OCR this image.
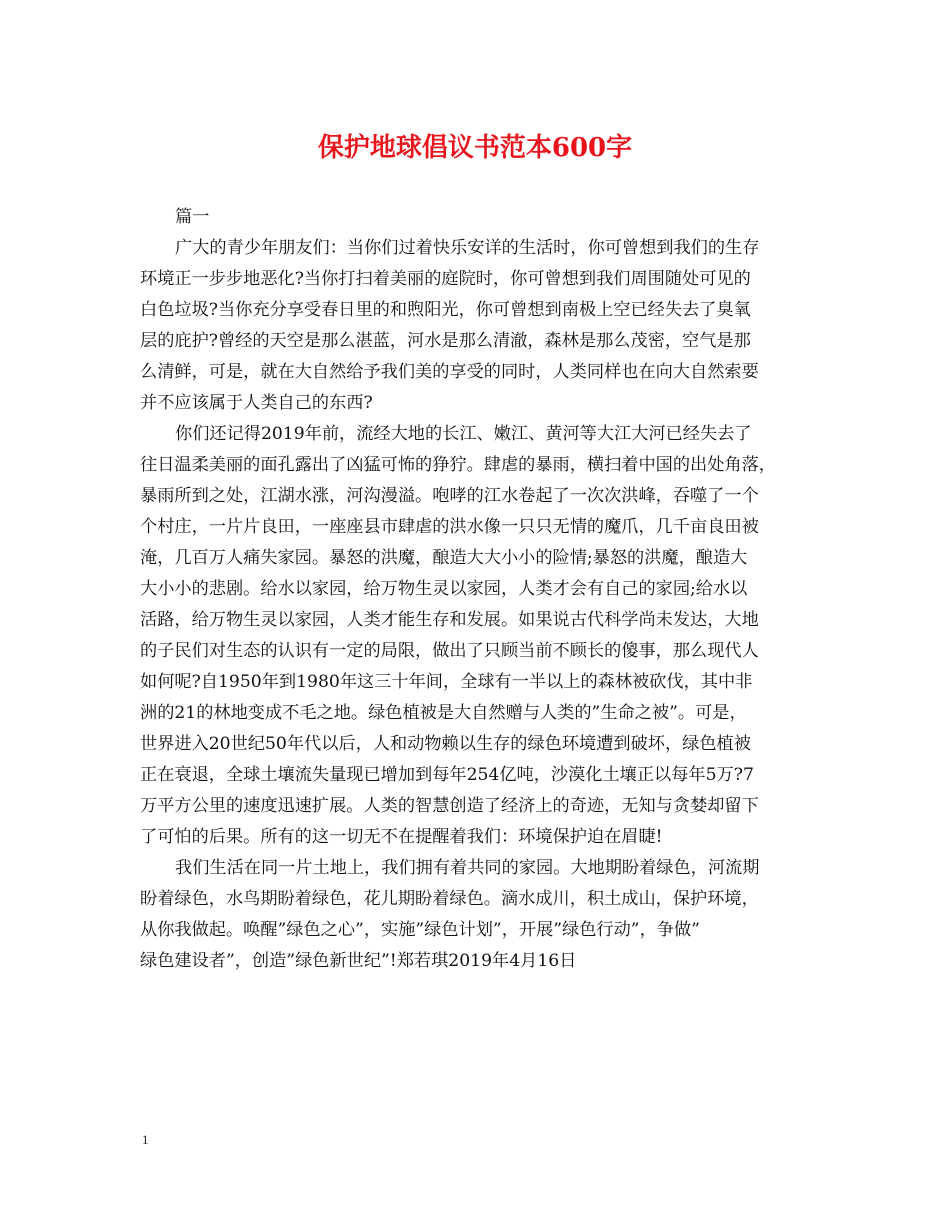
保护地球倡议书范本600字
篇一
广大的青少年朋友们：当你们过着快乐安详的生活时，你可曾想到我们的生存
环境正一步步地恶化?当你打扫着美丽的庭院时，你可曾想到我们周围随处可见的
白色垃圾?当你充分享受春日里的和煦阳光，你可曾想到南极上空已经失去了臭氧
层的庇护?曾经的天空是那么湛蓝，河水是那么清澈，森林是那么茂密，空气是那
么清鲜，可是，就在大自然给予我们美的享受的同时，人类同样也在向大自然索要
并不应该属于人类自己的东西?
你们还记得2019年前，流经大地的长江、嫩江、黄河等大江大河已经失去了
往日温柔美丽的面孔露出了凶猛可怖的狰狞。肆虐的暴雨，横扫着中国的出处角落，
暴雨所到之处，江湖水涨，河沟漫溢。咆哮的江水卷起了一次次洪峰，吞噬了一个
个村庄，一片片良田，一座座县市肆虐的洪水像一只只无情的魔爪，几千亩良田被
淹，几百万人痛失家园。暴怒的洪魔，酿造大大小小的险情;暴怒的洪魔，酿造大
大小小的悲剧。给水以家园，给万物生灵以家园，人类才会有自己的家园;给水以
活路，给万物生灵以家园，人类才能生存和发展。如果说古代科学尚未发达，大地
的子民们对生态的认识有一定的局限，做出了只顾当前不顾长的傻事，那么现代人
如何呢?自1950年到1980年这三十年间，全球有一半以上的森林被砍伐，其中非
洲的21的林地变成不毛之地。绿色植被是大自然赠与人类的”生命之被”。可是，
世界进入20世纪50年代以后，人和动物赖以生存的绿色环境遭到破坏，绿色植被
正在衰退，全球土壤流失量现已增加到每年254亿吨，沙漠化土壤正以每年5万?7
万平方公里的速度迅速扩展。人类的智慧创造了经济上的奇迹，无知与贪婪却留下
了可怕的后果。所有的这一切无不在提醒着我们：环境保护迫在眉睫!
我们生活在同一片土地上，我们拥有着共同的家园。大地期盼着绿色，河流期
盼着绿色，水鸟期盼着绿色，花儿期盼着绿色。滴水成川，积土成山，保护环境，
从你我做起。唤醒”绿色之心”，实施”绿色计划”，开展”绿色行动”，争做”
绿色建设者”，创造”绿色新世纪”!郑若琪2019年4月16日
1
